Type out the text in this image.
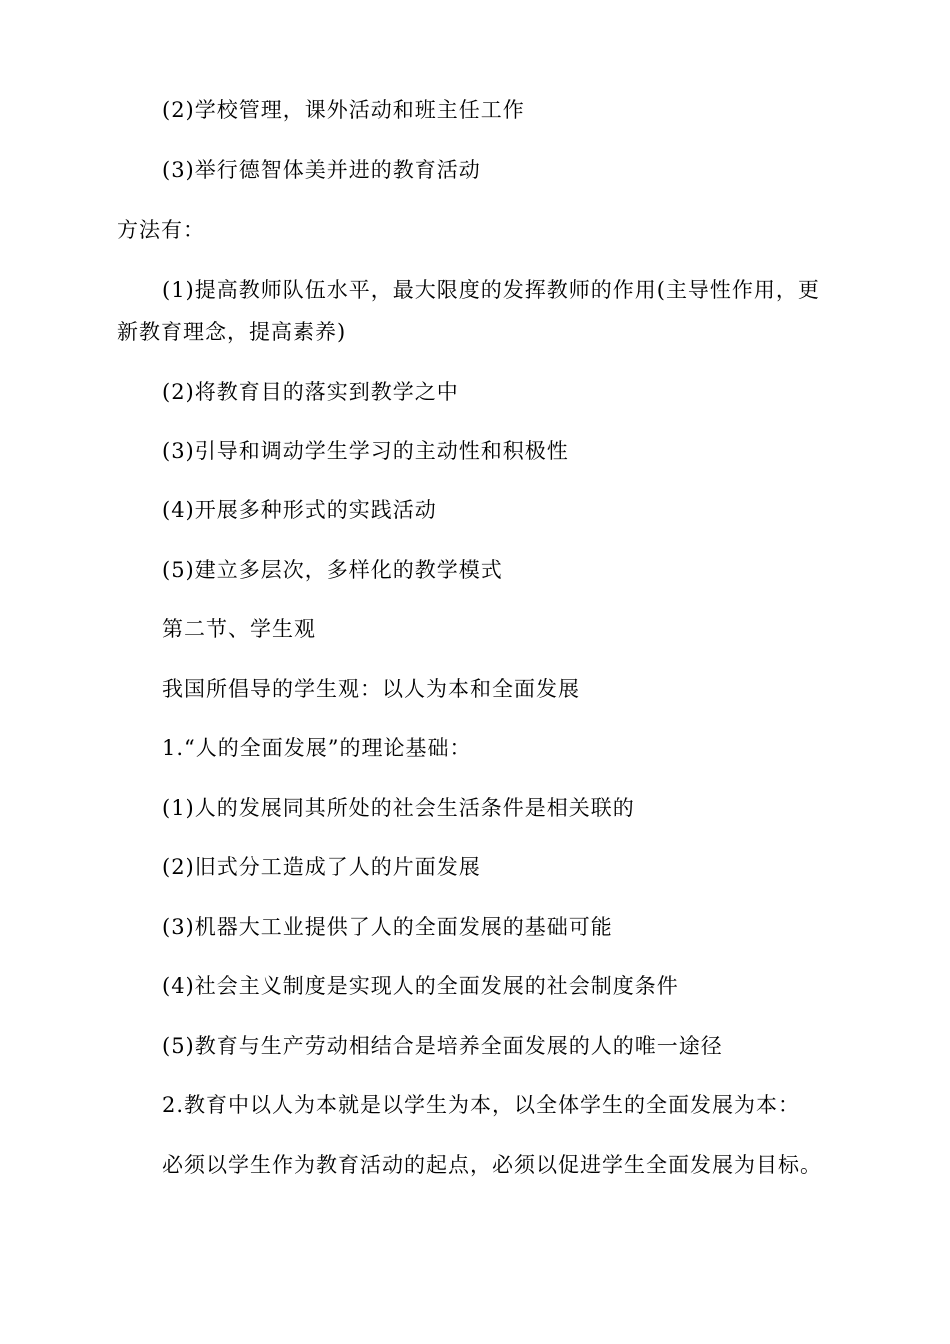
(2)学校管理，课外活动和班主任工作
(3)举行德智体美并进的教育活动
方法有：
(1)提高教师队伍水平，最大限度的发挥教师的作用(主导性作用，更
新教育理念，提高素养)
(2)将教育目的落实到教学之中
(3)引导和调动学生学习的主动性和积极性
(4)开展多种形式的实践活动
(5)建立多层次，多样化的教学模式
第二节、学生观
我国所倡导的学生观：以人为本和全面发展
1.“人的全面发展”的理论基础：
(1)人的发展同其所处的社会生活条件是相关联的
(2)旧式分工造成了人的片面发展
(3)机器大工业提供了人的全面发展的基础可能
(4)社会主义制度是实现人的全面发展的社会制度条件
(5)教育与生产劳动相结合是培养全面发展的人的唯一途径
2.教育中以人为本就是以学生为本，以全体学生的全面发展为本：
必须以学生作为教育活动的起点，必须以促进学生全面发展为目标。
